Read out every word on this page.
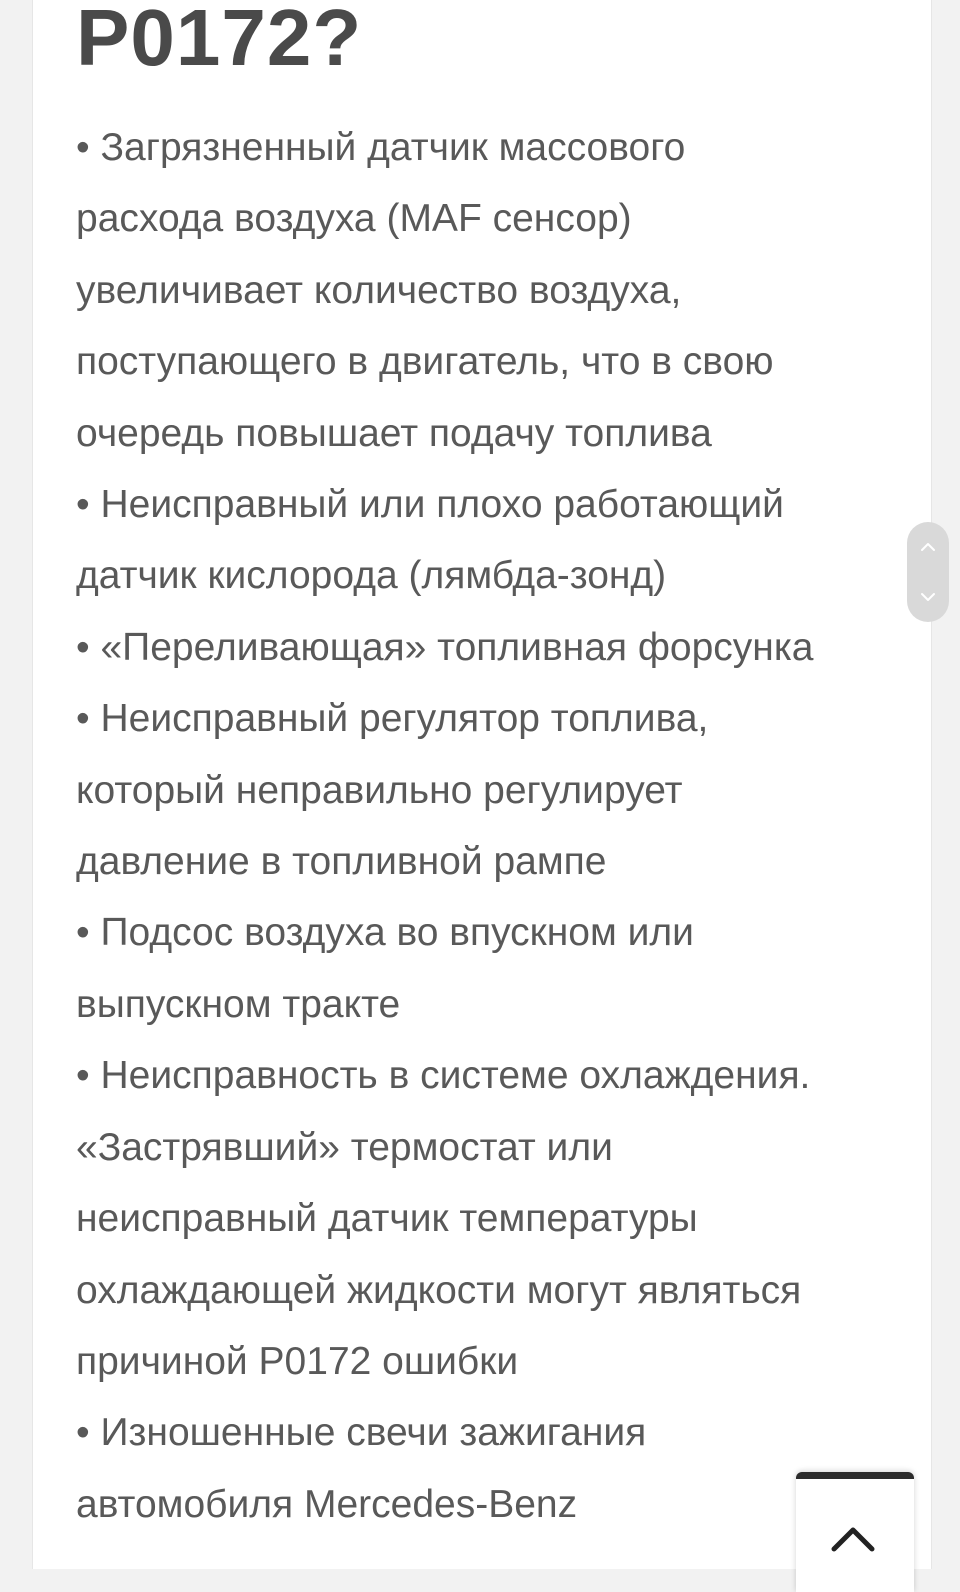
P0172?
• Загрязненный датчик массового
расхода воздуха (MAF сенсор)
увеличивает количество воздуха,
поступающего в двигатель, что в свою
очередь повышает подачу топлива
• Неисправный или плохо работающий
датчик кислорода (лямбда-зонд)
• «Переливающая» топливная форсунка
• Неисправный регулятор топлива,
который неправильно регулирует
давление в топливной рампе
• Подсос воздуха во впускном или
выпускном тракте
• Неисправность в системе охлаждения.
«Застрявший» термостат или
неисправный датчик температуры
охлаждающей жидкости могут являться
причиной P0172 ошибки
• Изношенные свечи зажигания
автомобиля Mercedes-Benz
